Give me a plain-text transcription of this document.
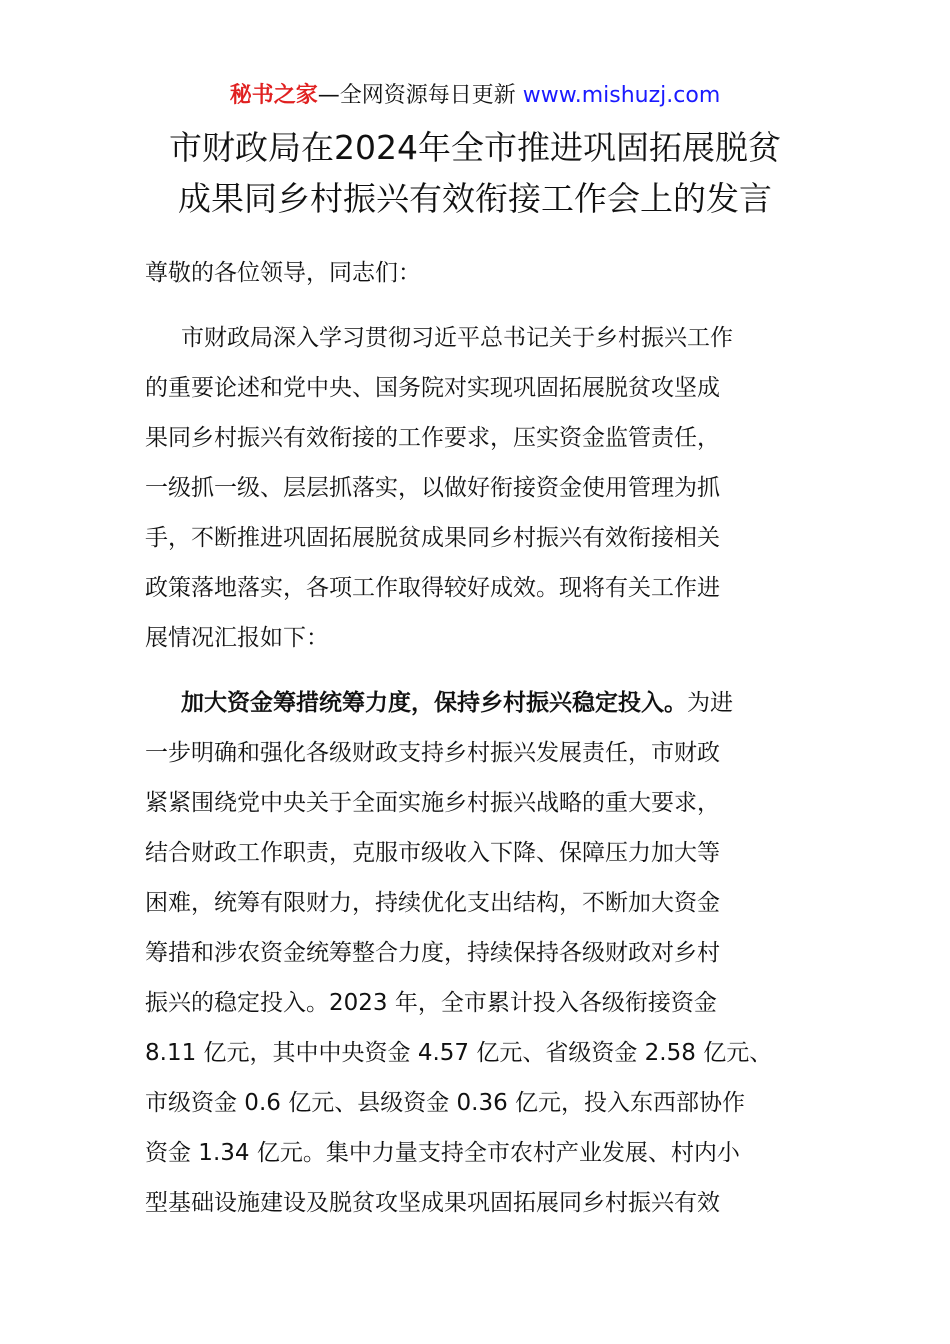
秘书之家—全网资源每日更新 www.mishuzj.com
市财政局在2024年全市推进巩固拓展脱贫
成果同乡村振兴有效衔接工作会上的发言

尊敬的各位领导，同志们：

市财政局深入学习贯彻习近平总书记关于乡村振兴工作
的重要论述和党中央、国务院对实现巩固拓展脱贫攻坚成
果同乡村振兴有效衔接的工作要求，压实资金监管责任，
一级抓一级、层层抓落实，以做好衔接资金使用管理为抓
手，不断推进巩固拓展脱贫成果同乡村振兴有效衔接相关
政策落地落实，各项工作取得较好成效。现将有关工作进
展情况汇报如下：

加大资金筹措统筹力度，保持乡村振兴稳定投入。为进
一步明确和强化各级财政支持乡村振兴发展责任，市财政
紧紧围绕党中央关于全面实施乡村振兴战略的重大要求，
结合财政工作职责，克服市级收入下降、保障压力加大等
困难，统筹有限财力，持续优化支出结构，不断加大资金
筹措和涉农资金统筹整合力度，持续保持各级财政对乡村
振兴的稳定投入。2023 年，全市累计投入各级衔接资金
8.11 亿元，其中中央资金 4.57 亿元、省级资金 2.58 亿元、
市级资金 0.6 亿元、县级资金 0.36 亿元，投入东西部协作
资金 1.34 亿元。集中力量支持全市农村产业发展、村内小
型基础设施建设及脱贫攻坚成果巩固拓展同乡村振兴有效
